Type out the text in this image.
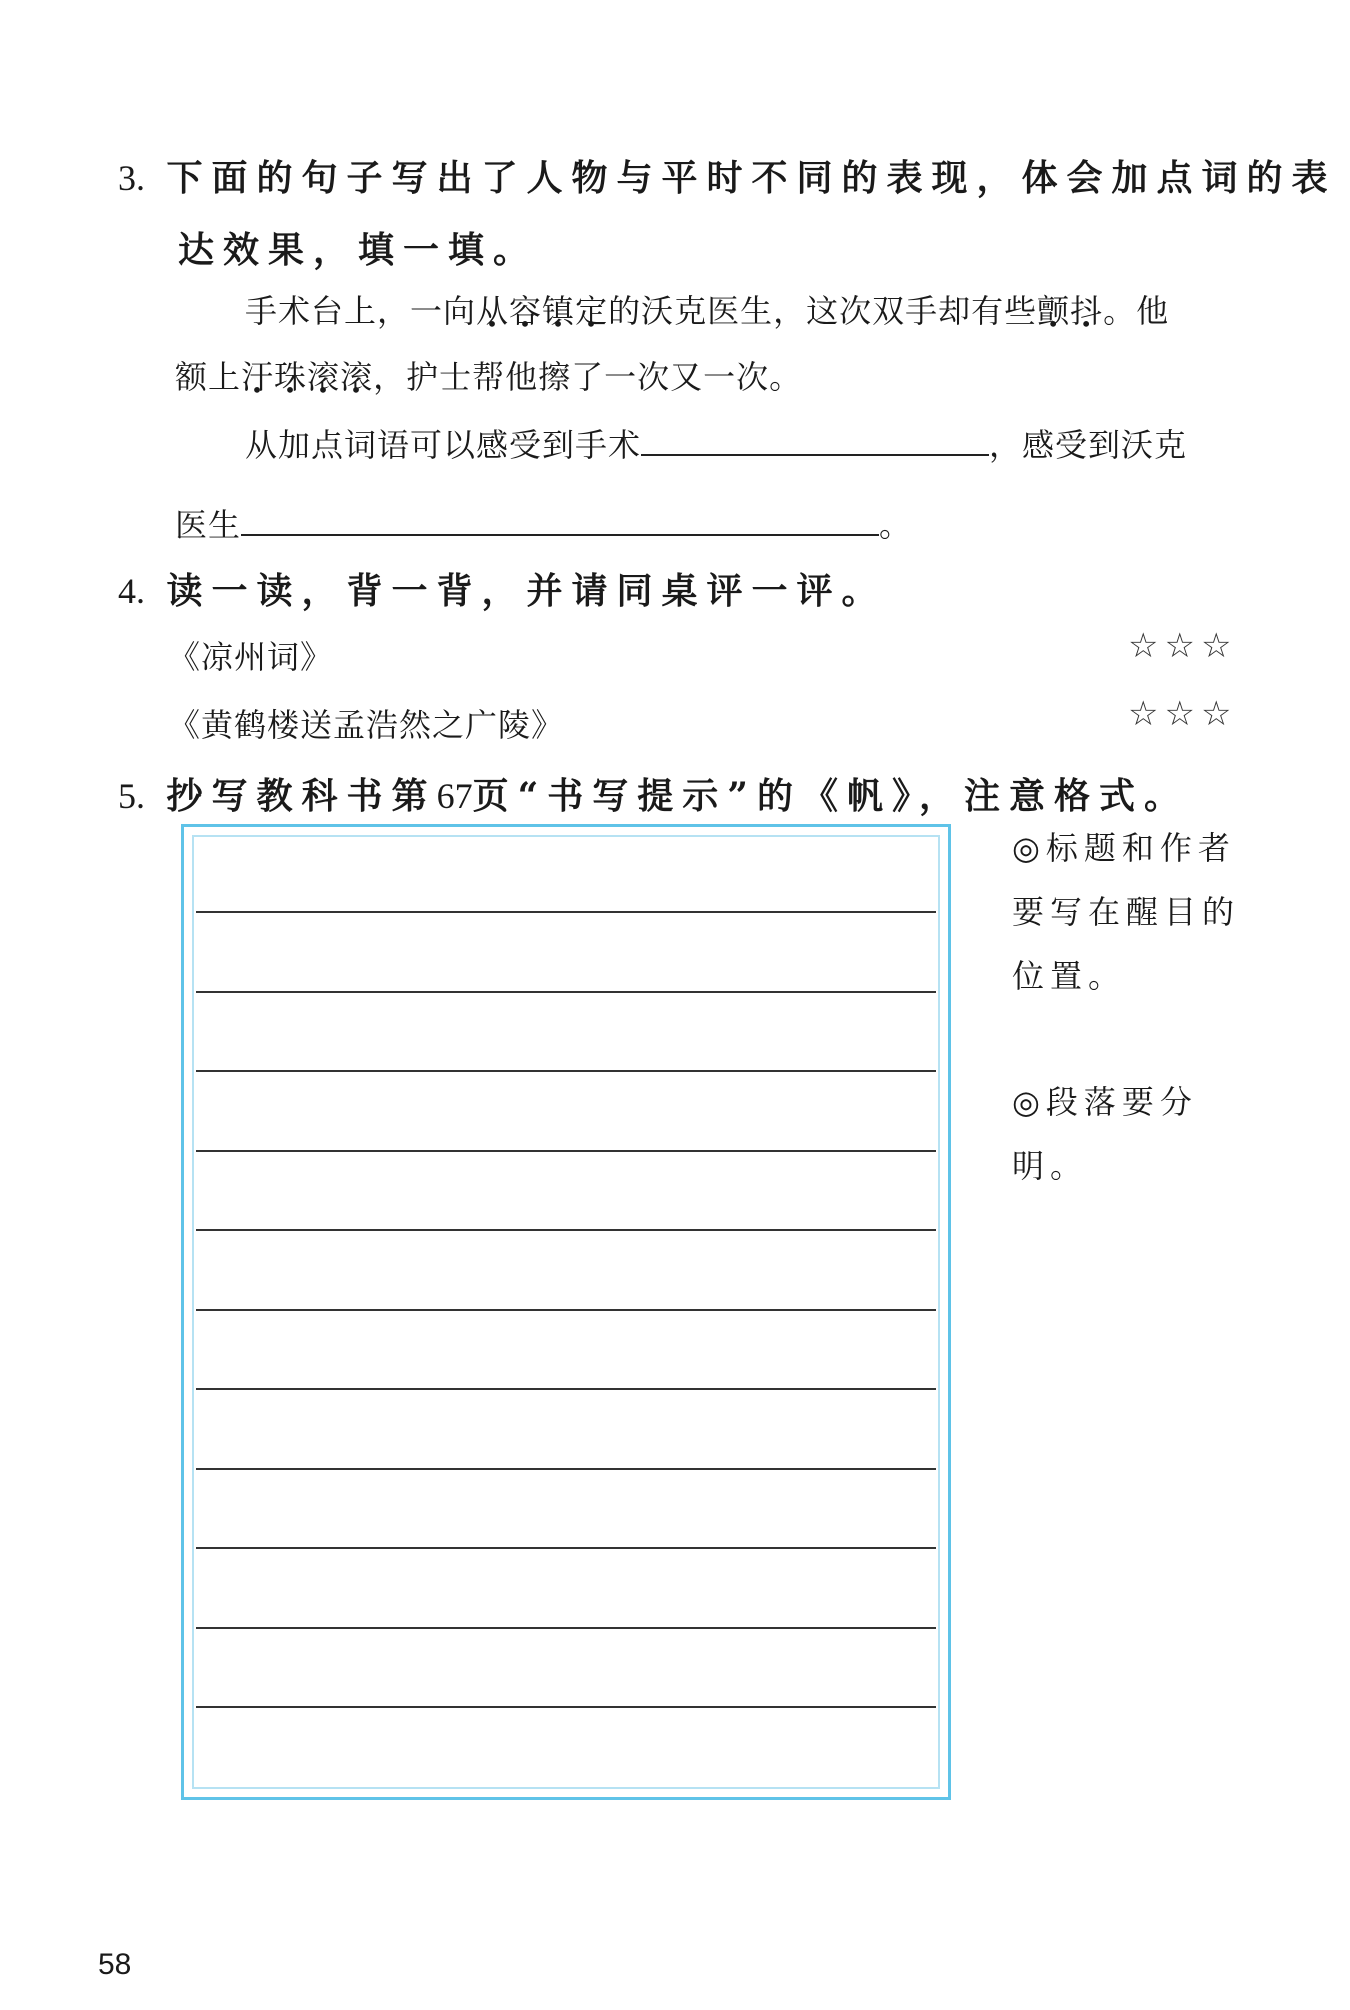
3. 下面的句子写出了人物与平时不同的表现，体会加点词的表
达效果，填一填。
手术台上，一向从容镇定的沃克医生，这次双手却有些颤抖。他
额上汗珠滚滚，护士帮他擦了一次又一次。
从加点词语可以感受到手术	，感受到沃克
医生	。
4. 读一读，背一背，并请同桌评一评。
《凉州词》	☆☆☆
《黄鹤楼送孟浩然之广陵》	☆☆☆
5. 抄写教科书第67页“书写提示”的《帆》，注意格式。
◎标题和作者要写在醒目的位置。
◎段落要分明。
58
